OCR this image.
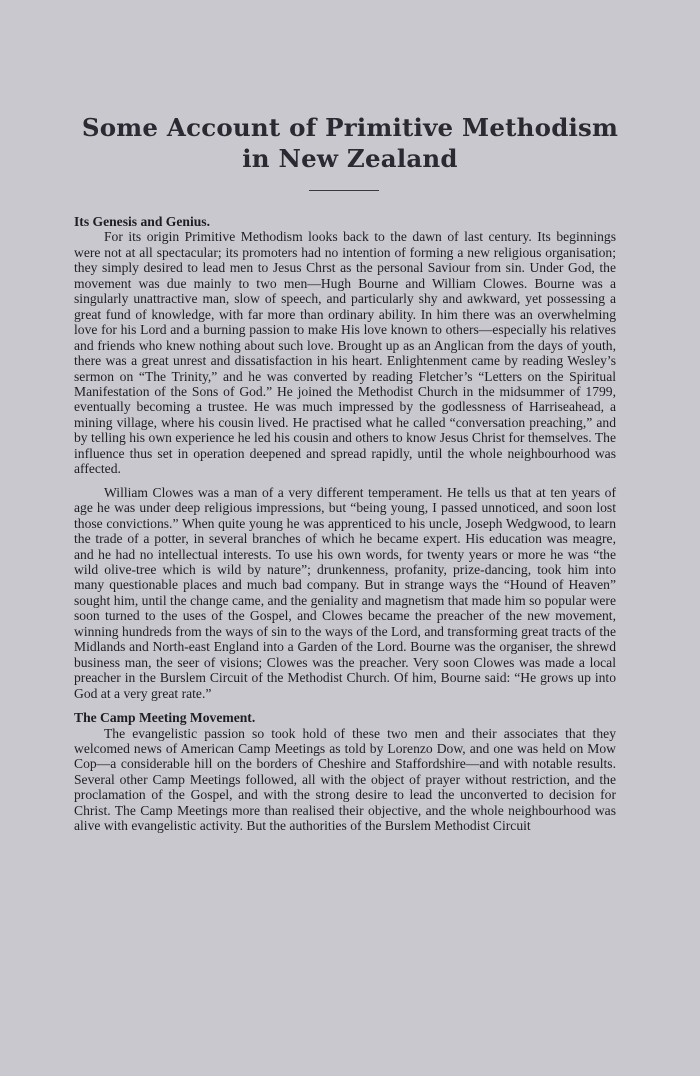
Some Account of Primitive Methodism
in New Zealand

Its Genesis and Genius.

For its origin Primitive Methodism looks back to the dawn of last century. Its beginnings were not at all spectacular; its promoters had no intention of forming a new religious organisation; they simply desired to lead men to Jesus Chrst as the personal Saviour from sin. Under God, the movement was due mainly to two men—Hugh Bourne and William Clowes. Bourne was a singularly unattractive man, slow of speech, and particularly shy and awkward, yet possessing a great fund of knowledge, with far more than ordinary ability. In him there was an overwhelming love for his Lord and a burning passion to make His love known to others—especially his relatives and friends who knew nothing about such love. Brought up as an Anglican from the days of youth, there was a great unrest and dissatisfaction in his heart. Enlightenment came by reading Wesley’s sermon on “The Trinity,” and he was converted by reading Fletcher’s “Letters on the Spiritual Manifestation of the Sons of God.” He joined the Methodist Church in the midsummer of 1799, eventually becoming a trustee. He was much impressed by the godlessness of Harriseahead, a mining village, where his cousin lived. He practised what he called “conversation preaching,” and by telling his own experience he led his cousin and others to know Jesus Christ for themselves. The influence thus set in operation deepened and spread rapidly, until the whole neighbourhood was affected.

William Clowes was a man of a very different temperament. He tells us that at ten years of age he was under deep religious impressions, but “being young, I passed unnoticed, and soon lost those convictions.” When quite young he was apprenticed to his uncle, Joseph Wedgwood, to learn the trade of a potter, in several branches of which he became expert. His education was meagre, and he had no intellectual interests. To use his own words, for twenty years or more he was “the wild olive-tree which is wild by nature”; drunkenness, profanity, prize-dancing, took him into many questionable places and much bad company. But in strange ways the “Hound of Heaven” sought him, until the change came, and the geniality and magnetism that made him so popular were soon turned to the uses of the Gospel, and Clowes became the preacher of the new movement, winning hundreds from the ways of sin to the ways of the Lord, and transforming great tracts of the Midlands and North-east England into a Garden of the Lord. Bourne was the organiser, the shrewd business man, the seer of visions; Clowes was the preacher. Very soon Clowes was made a local preacher in the Burslem Circuit of the Methodist Church. Of him, Bourne said: “He grows up into God at a very great rate.”

The Camp Meeting Movement.

The evangelistic passion so took hold of these two men and their associates that they welcomed news of American Camp Meetings as told by Lorenzo Dow, and one was held on Mow Cop—a considerable hill on the borders of Cheshire and Staffordshire—and with notable results. Several other Camp Meetings followed, all with the object of prayer without restriction, and the proclamation of the Gospel, and with the strong desire to lead the unconverted to decision for Christ. The Camp Meetings more than realised their objective, and the whole neighbourhood was alive with evangelistic activity. But the authorities of the Burslem Methodist Circuit
